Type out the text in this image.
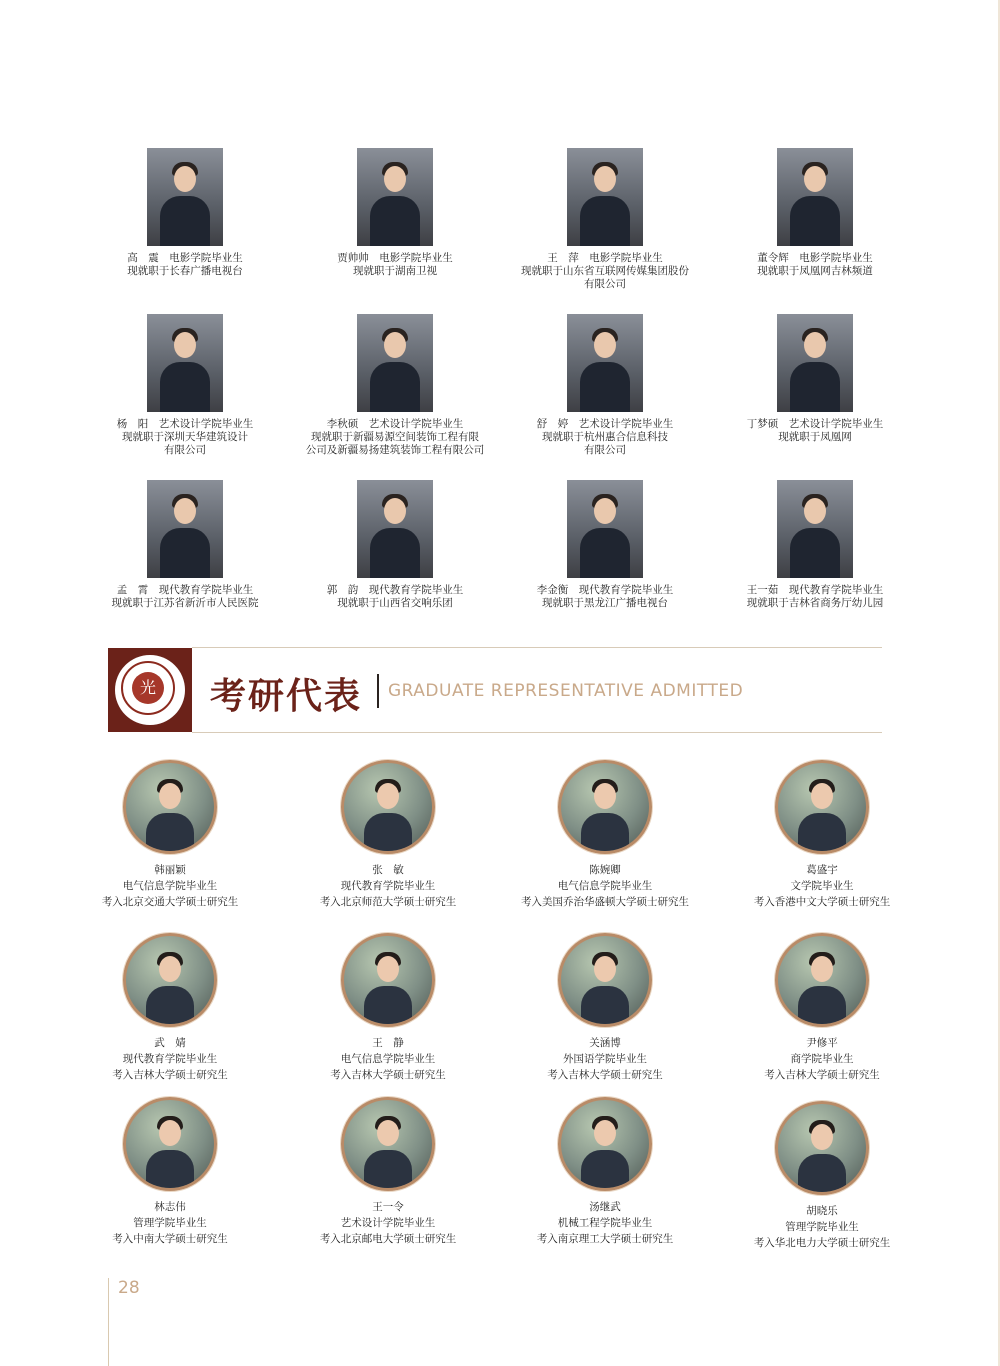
高　震　电影学院毕业生
现就职于长春广播电视台
贾帅帅　电影学院毕业生
现就职于湖南卫视
王　萍　电影学院毕业生
现就职于山东省互联网传媒集团股份
有限公司
董令辉　电影学院毕业生
现就职于凤凰网吉林频道
杨　阳　艺术设计学院毕业生
现就职于深圳天华建筑设计
有限公司
李秋硕　艺术设计学院毕业生
现就职于新疆易源空间装饰工程有限
公司及新疆易扬建筑装饰工程有限公司
舒　婷　艺术设计学院毕业生
现就职于杭州惠合信息科技
有限公司
丁梦硕　艺术设计学院毕业生
现就职于凤凰网
孟　霄　现代教育学院毕业生
现就职于江苏省新沂市人民医院
郭　韵　现代教育学院毕业生
现就职于山西省交响乐团
李金衡　现代教育学院毕业生
现就职于黑龙江广播电视台
王一茹　现代教育学院毕业生
现就职于吉林省商务厅幼儿园
光 考研代表 GRADUATE REPRESENTATIVE ADMITTED
韩丽颖
电气信息学院毕业生
考入北京交通大学硕士研究生
张　敏
现代教育学院毕业生
考入北京师范大学硕士研究生
陈婉卿
电气信息学院毕业生
考入美国乔治华盛顿大学硕士研究生
葛盛宇
文学院毕业生
考入香港中文大学硕士研究生
武　婧
现代教育学院毕业生
考入吉林大学硕士研究生
王　静
电气信息学院毕业生
考入吉林大学硕士研究生
关涵博
外国语学院毕业生
考入吉林大学硕士研究生
尹修平
商学院毕业生
考入吉林大学硕士研究生
林志伟
管理学院毕业生
考入中南大学硕士研究生
王一令
艺术设计学院毕业生
考入北京邮电大学硕士研究生
汤继武
机械工程学院毕业生
考入南京理工大学硕士研究生
胡晓乐
管理学院毕业生
考入华北电力大学硕士研究生
28
